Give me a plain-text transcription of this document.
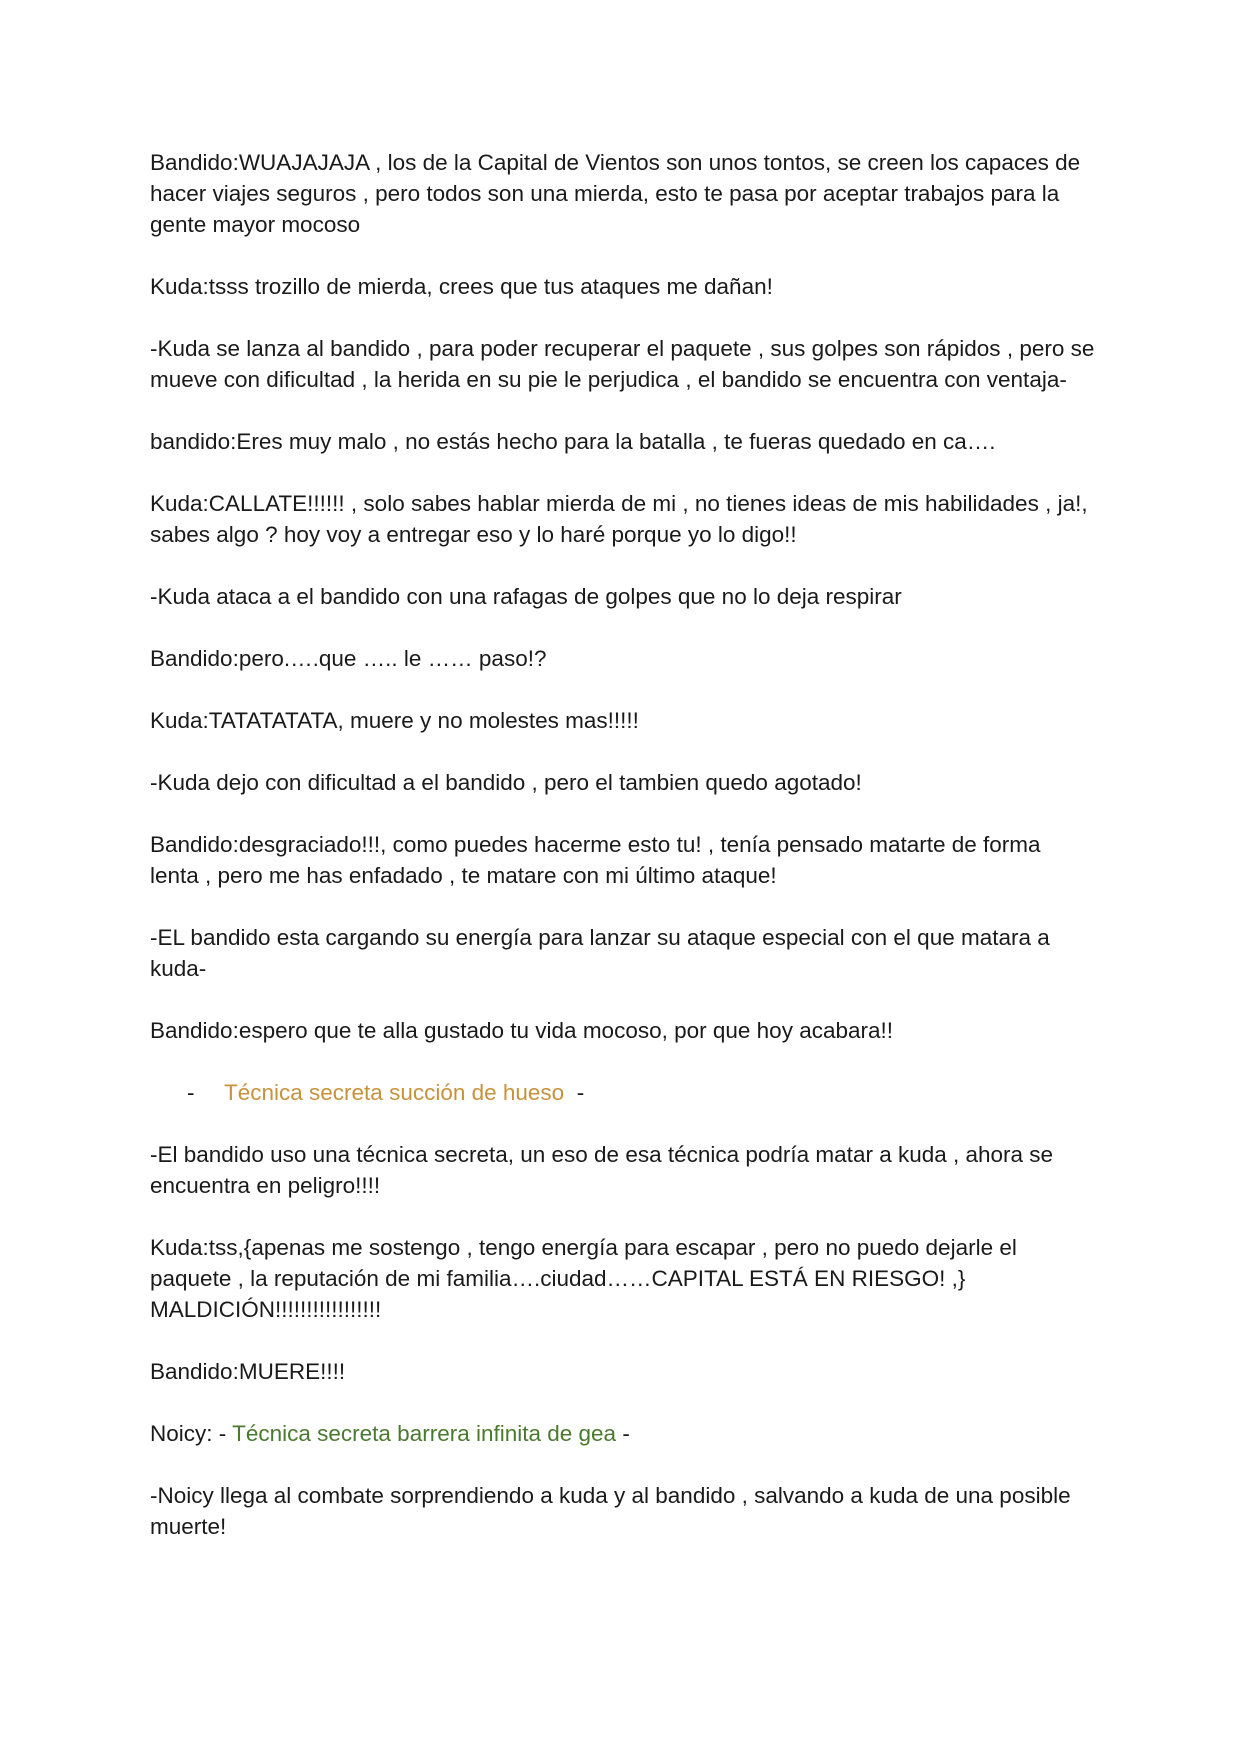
Bandido:WUAJAJAJA , los de la Capital de Vientos son unos tontos, se creen los capaces de hacer viajes seguros , pero todos son una mierda, esto te pasa por aceptar trabajos para la gente mayor mocoso

Kuda:tsss trozillo de mierda, crees que tus ataques me dañan!

-Kuda se lanza al bandido , para poder recuperar el paquete , sus golpes son rápidos , pero se mueve con dificultad , la herida en su pie le perjudica , el bandido se encuentra con ventaja-

bandido:Eres muy malo , no estás hecho para la batalla , te fueras quedado en ca….

Kuda:CALLATE!!!!!! , solo sabes hablar mierda de mi , no tienes ideas de mis habilidades , ja!, sabes algo ? hoy voy a entregar eso y lo haré porque yo lo digo!!

-Kuda ataca a el bandido con una rafagas de golpes que no lo deja respirar

Bandido:pero.….que ….. le …… paso!?

Kuda:TATATATATA, muere y no molestes mas!!!!!

-Kuda dejo con dificultad a el bandido , pero el tambien quedo agotado!

Bandido:desgraciado!!!, como puedes hacerme esto tu! , tenía pensado matarte de forma lenta , pero me has enfadado , te matare con mi último ataque!

-EL bandido esta cargando su energía para lanzar su ataque especial con el que matara a kuda-

Bandido:espero que te alla gustado tu vida mocoso, por que hoy acabara!!

- Técnica secreta succión de hueso -

-El bandido uso una técnica secreta, un eso de esa técnica podría matar a kuda , ahora se encuentra en peligro!!!!

Kuda:tss,{apenas me sostengo , tengo energía para escapar , pero no puedo dejarle el paquete , la reputación de mi familia….ciudad……CAPITAL ESTÁ EN RIESGO! ,} MALDICIÓN!!!!!!!!!!!!!!!!!

Bandido:MUERE!!!!

Noicy: - Técnica secreta barrera infinita de gea -

-Noicy llega al combate sorprendiendo a kuda y al bandido , salvando a kuda de una posible muerte!
